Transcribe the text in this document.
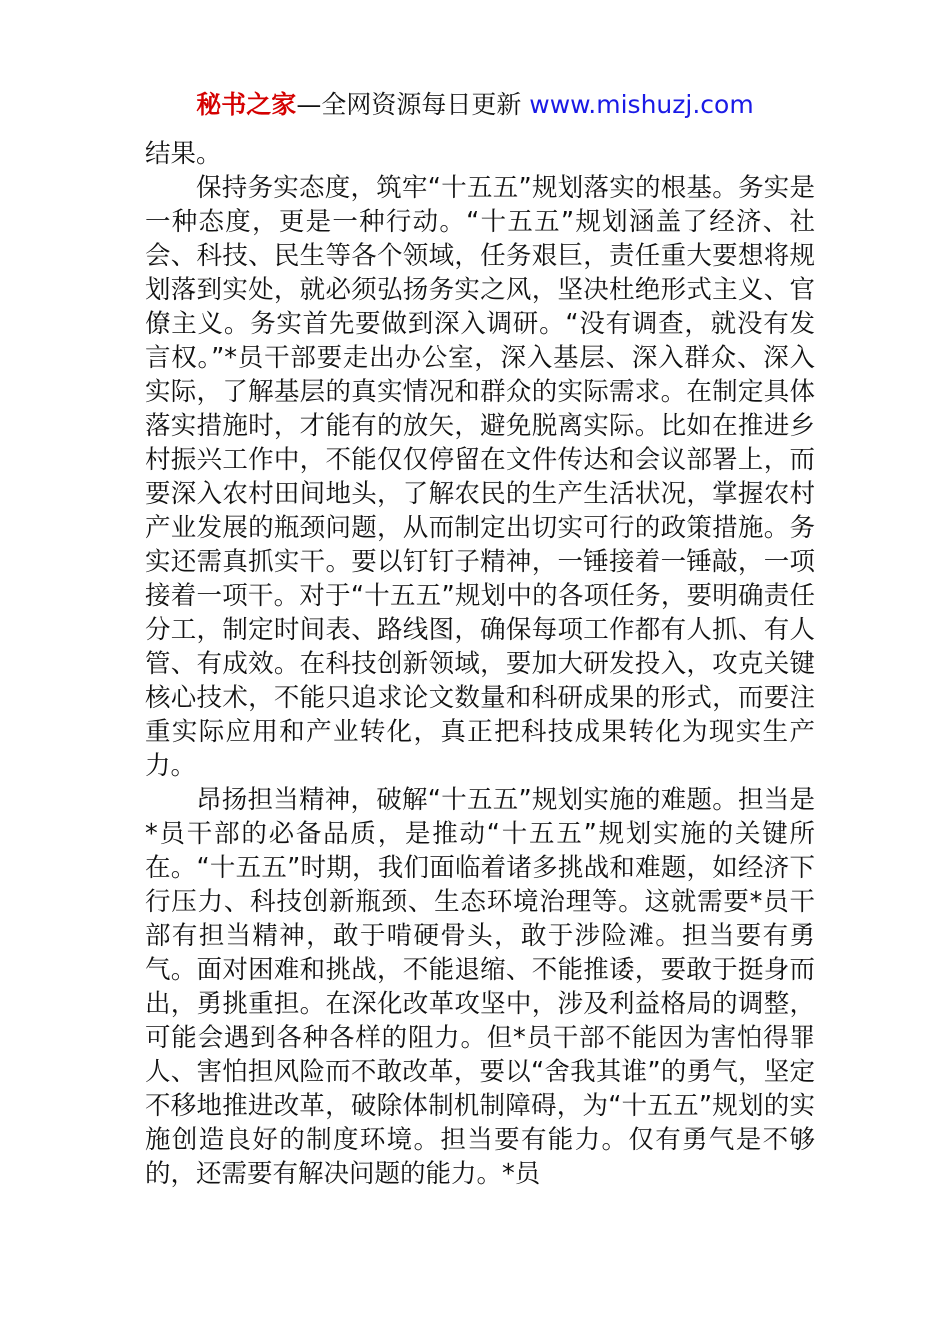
秘书之家—全网资源每日更新 www.mishuzj.com

结果。

保持务实态度，筑牢“十五五”规划落实的根基。务实是一种态度，更是一种行动。“十五五”规划涵盖了经济、社会、科技、民生等各个领域，任务艰巨，责任重大要想将规划落到实处，就必须弘扬务实之风，坚决杜绝形式主义、官僚主义。务实首先要做到深入调研。“没有调查，就没有发言权。”*员干部要走出办公室，深入基层、深入群众、深入实际，了解基层的真实情况和群众的实际需求。在制定具体落实措施时，才能有的放矢，避免脱离实际。比如在推进乡村振兴工作中，不能仅仅停留在文件传达和会议部署上，而要深入农村田间地头，了解农民的生产生活状况，掌握农村产业发展的瓶颈问题，从而制定出切实可行的政策措施。务实还需真抓实干。要以钉钉子精神，一锤接着一锤敲，一项接着一项干。对于“十五五”规划中的各项任务，要明确责任分工，制定时间表、路线图，确保每项工作都有人抓、有人管、有成效。在科技创新领域，要加大研发投入，攻克关键核心技术，不能只追求论文数量和科研成果的形式，而要注重实际应用和产业转化，真正把科技成果转化为现实生产力。

昂扬担当精神，破解“十五五”规划实施的难题。担当是*员干部的必备品质，是推动“十五五”规划实施的关键所在。“十五五”时期，我们面临着诸多挑战和难题，如经济下行压力、科技创新瓶颈、生态环境治理等。这就需要*员干部有担当精神，敢于啃硬骨头，敢于涉险滩。担当要有勇气。面对困难和挑战，不能退缩、不能推诿，要敢于挺身而出，勇挑重担。在深化改革攻坚中，涉及利益格局的调整，可能会遇到各种各样的阻力。但*员干部不能因为害怕得罪人、害怕担风险而不敢改革，要以“舍我其谁”的勇气，坚定不移地推进改革，破除体制机制障碍，为“十五五”规划的实施创造良好的制度环境。担当要有能力。仅有勇气是不够的，还需要有解决问题的能力。*员
